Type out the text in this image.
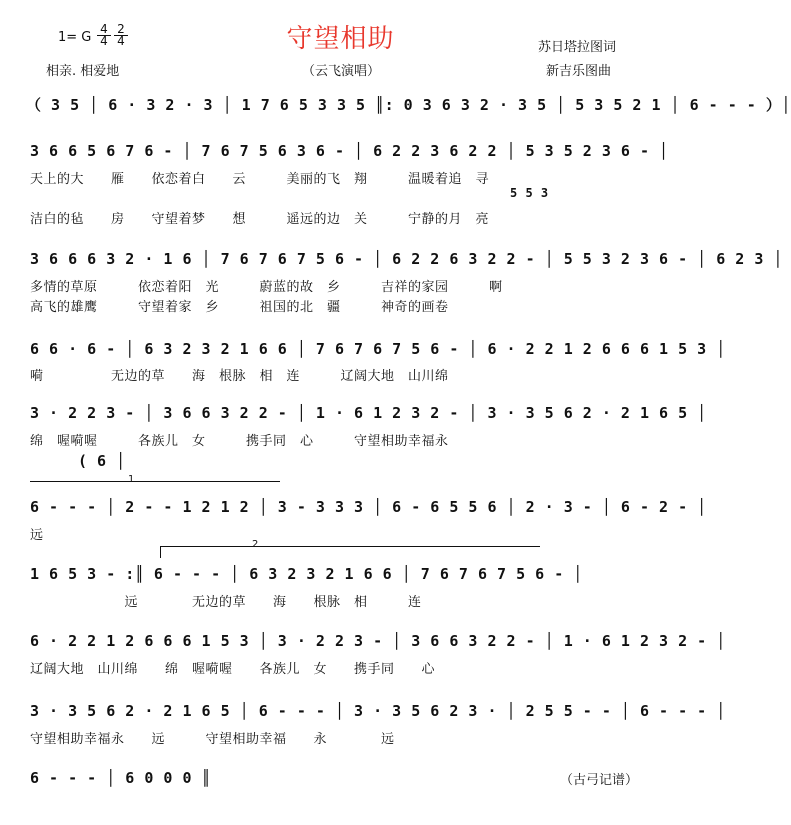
守望相助
1= G
4
4
2
4	苏日塔拉图词
相亲. 相爱地	（云飞演唱）	新吉乐图曲
（ 3 5 │ 6 · 3 2 · 3 │ 1 7 6 5 3 3 5 ║: 0 3 6 3 2 · 3 5 │ 5 3 5 2 1 │ 6 - - - ）│
3 6 6 5 6 7 6 - │ 7 6 7 5 6 3 6 - │ 6 2 2 3 6 2 2 │ 5 3 5 2 3 6 - │
天上的大　　雁　　依恋着白　　云　　　美丽的飞　翔　　　温暖着追　寻
5 5 3
洁白的毡　　房　　守望着梦　　想　　　遥远的边　关　　　宁静的月　亮
3 6 6 6 3 2 · 1 6 │ 7 6 7 6 7 5 6 - │ 6 2 2 6 3 2 2 - │ 5 5 3 2 3 6 - │ 6 2 3 │
多情的草原　　　依恋着阳　光　　　蔚蓝的故　乡　　　吉祥的家园　　　啊
高飞的雄鹰　　　守望着家　乡　　　祖国的北　疆　　　神奇的画卷
6 6 · 6 - │ 6 3 2 3 2 1 6 6 │ 7 6 7 6 7 5 6 - │ 6 · 2 2 1 2 6 6 6 1 5 3 │
嗬　　　　　无边的草　　海　根脉　相　连　　　辽阔大地　山川绵
3 · 2 2 3 - │ 3 6 6 3 2 2 - │ 1 · 6 1 2 3 2 - │ 3 · 3 5 6 2 · 2 1 6 5 │
绵　喔嗬喔　　　各族儿　女　　　携手同　心　　　守望相助幸福永
( 6 │
1
6 - - - │ 2 - - 1 2 1 2 │ 3 - 3 3 3 │ 6 - 6 5 5 6 │ 2 · 3 - │ 6 - 2 - │
远
2
1 6 5 3 - :║ 6 - - - │ 6 3 2 3 2 1 6 6 │ 7 6 7 6 7 5 6 - │
　　　　　　　远　　　　无边的草　　海　　根脉　相　　　连
6 · 2 2 1 2 6 6 6 1 5 3 │ 3 · 2 2 3 - │ 3 6 6 3 2 2 - │ 1 · 6 1 2 3 2 - │
辽阔大地　山川绵　　绵　喔嗬喔　　各族儿　女　　携手同　　心
3 · 3 5 6 2 · 2 1 6 5 │ 6 - - - │ 3 · 3 5 6 2 3 · │ 2 5 5 - - │ 6 - - - │
守望相助幸福永　　远　　　守望相助幸福　　永　　　　远
6 - - - │ 6 0 0 0 ║	（古弓记谱）
